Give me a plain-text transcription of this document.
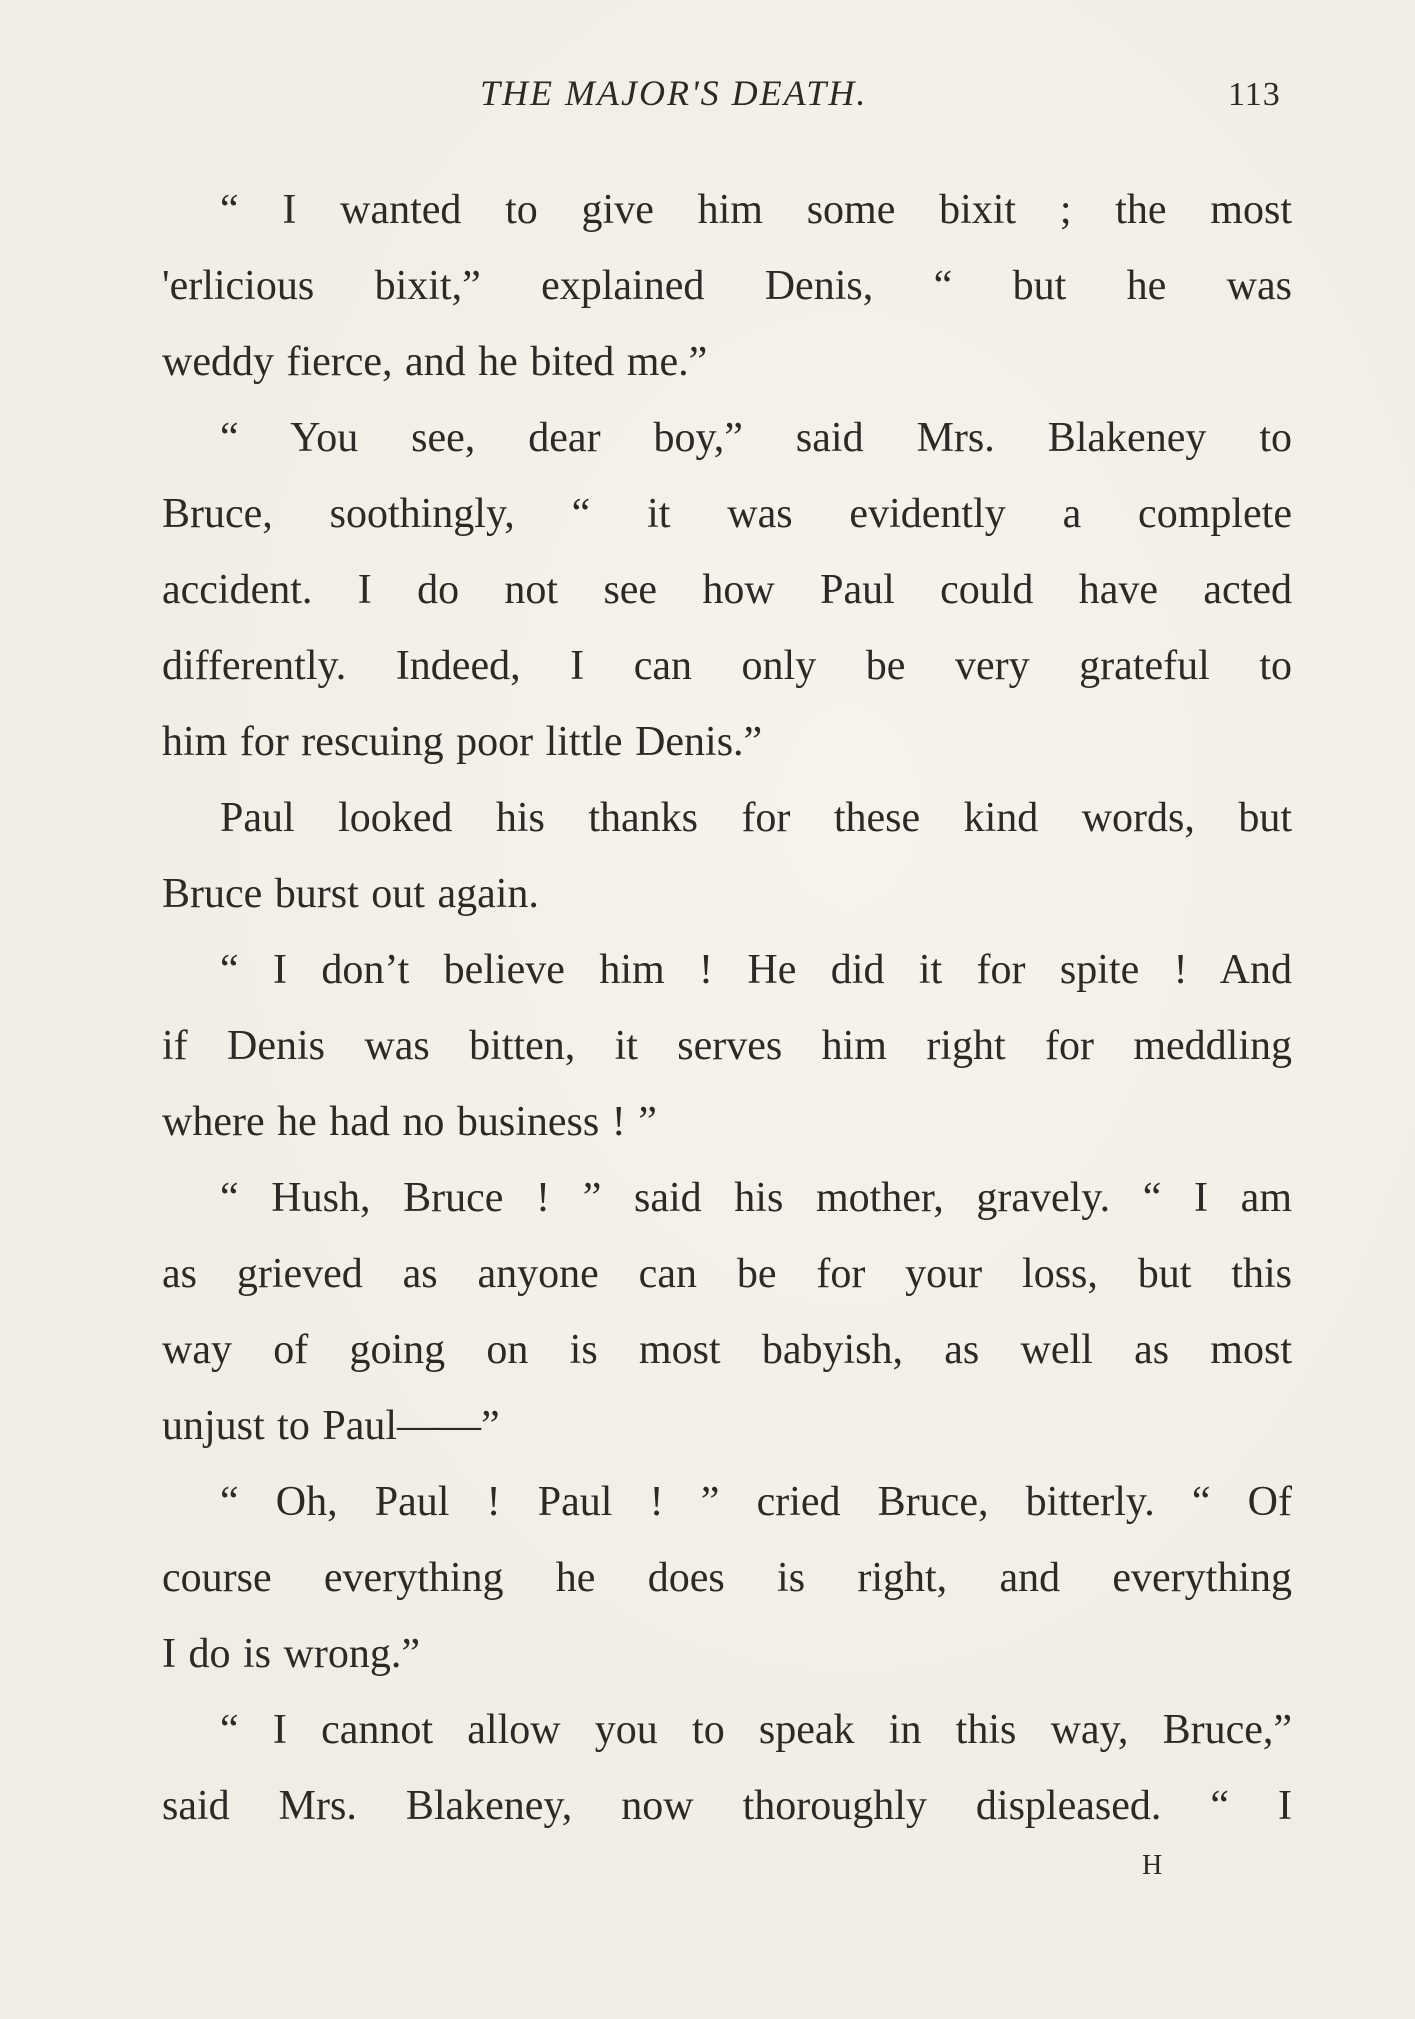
THE MAJOR'S DEATH.	113
“ I wanted to give him some bixit ; the most
'erlicious bixit,” explained Denis, “ but he was
weddy fierce, and he bited me.”
“ You see, dear boy,” said Mrs. Blakeney to
Bruce, soothingly, “ it was evidently a complete
accident. I do not see how Paul could have acted
differently. Indeed, I can only be very grateful to
him for rescuing poor little Denis.”
Paul looked his thanks for these kind words, but
Bruce burst out again.
“ I don’t believe him ! He did it for spite ! And
if Denis was bitten, it serves him right for meddling
where he had no business ! ”
“ Hush, Bruce ! ” said his mother, gravely. “ I am
as grieved as anyone can be for your loss, but this
way of going on is most babyish, as well as most
unjust to Paul——”
“ Oh, Paul ! Paul ! ” cried Bruce, bitterly. “ Of
course everything he does is right, and everything
I do is wrong.”
“ I cannot allow you to speak in this way, Bruce,”
said Mrs. Blakeney, now thoroughly displeased. “ I
H
